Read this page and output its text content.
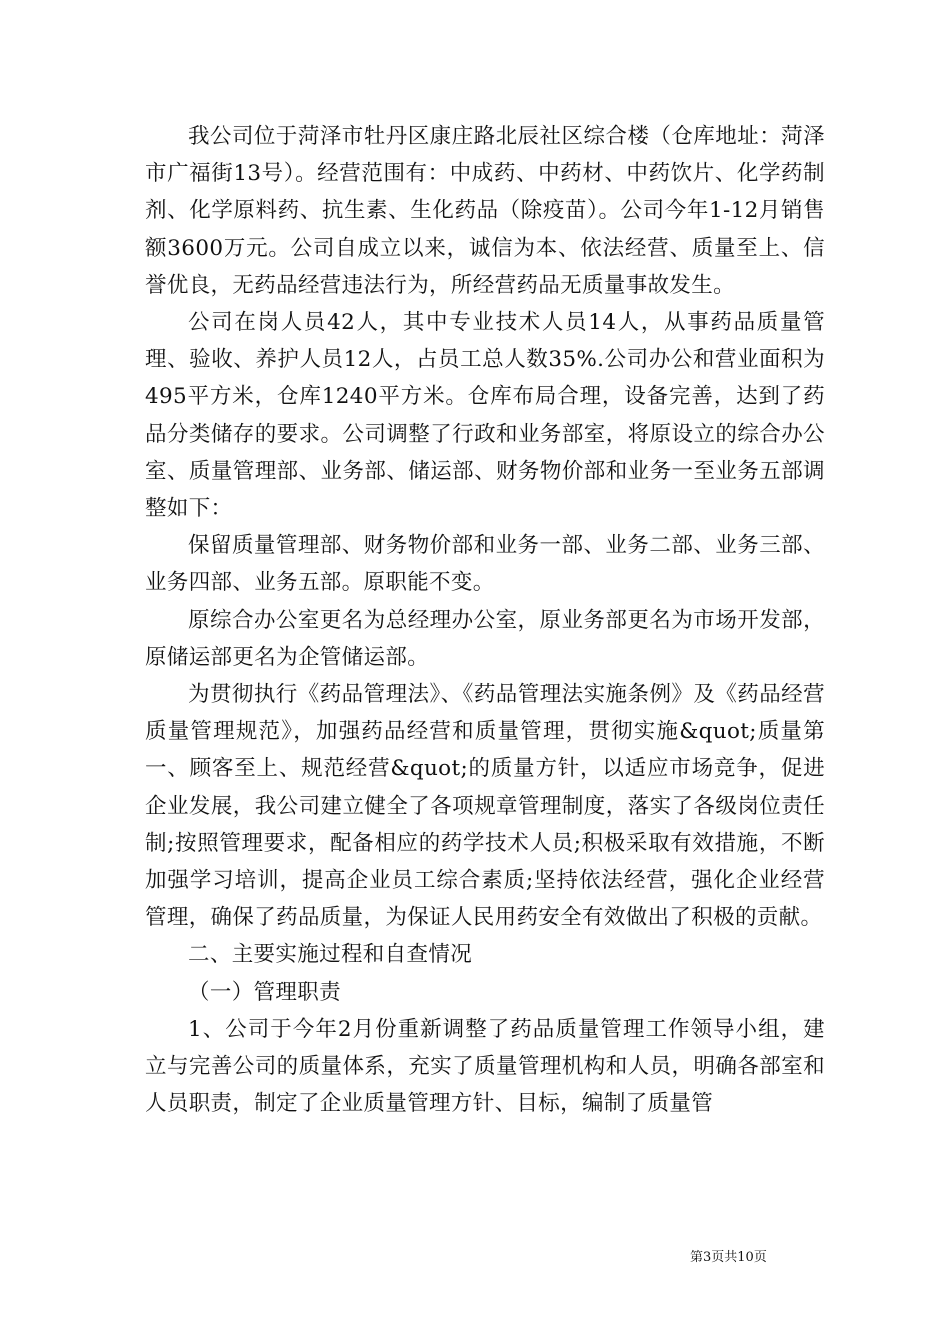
我公司位于菏泽市牡丹区康庄路北辰社区综合楼（仓库地址：菏泽市广福街13号）。经营范围有：中成药、中药材、中药饮片、化学药制剂、化学原料药、抗生素、生化药品（除疫苗）。公司今年1-12月销售额3600万元。公司自成立以来，诚信为本、依法经营、质量至上、信誉优良，无药品经营违法行为，所经营药品无质量事故发生。

公司在岗人员42人，其中专业技术人员14人，从事药品质量管理、验收、养护人员12人，占员工总人数35%.公司办公和营业面积为495平方米，仓库1240平方米。仓库布局合理，设备完善，达到了药品分类储存的要求。公司调整了行政和业务部室，将原设立的综合办公室、质量管理部、业务部、储运部、财务物价部和业务一至业务五部调整如下：

保留质量管理部、财务物价部和业务一部、业务二部、业务三部、业务四部、业务五部。原职能不变。

原综合办公室更名为总经理办公室，原业务部更名为市场开发部，原储运部更名为企管储运部。

为贯彻执行《药品管理法》、《药品管理法实施条例》及《药品经营质量管理规范》，加强药品经营和质量管理，贯彻实施&quot;质量第一、顾客至上、规范经营&quot;的质量方针，以适应市场竞争，促进企业发展，我公司建立健全了各项规章管理制度，落实了各级岗位责任制;按照管理要求，配备相应的药学技术人员;积极采取有效措施，不断加强学习培训，提高企业员工综合素质;坚持依法经营，强化企业经营管理，确保了药品质量，为保证人民用药安全有效做出了积极的贡献。

二、主要实施过程和自查情况

（一）管理职责

1、公司于今年2月份重新调整了药品质量管理工作领导小组，建立与完善公司的质量体系，充实了质量管理机构和人员，明确各部室和人员职责，制定了企业质量管理方针、目标，编制了质量管

第3页共10页
